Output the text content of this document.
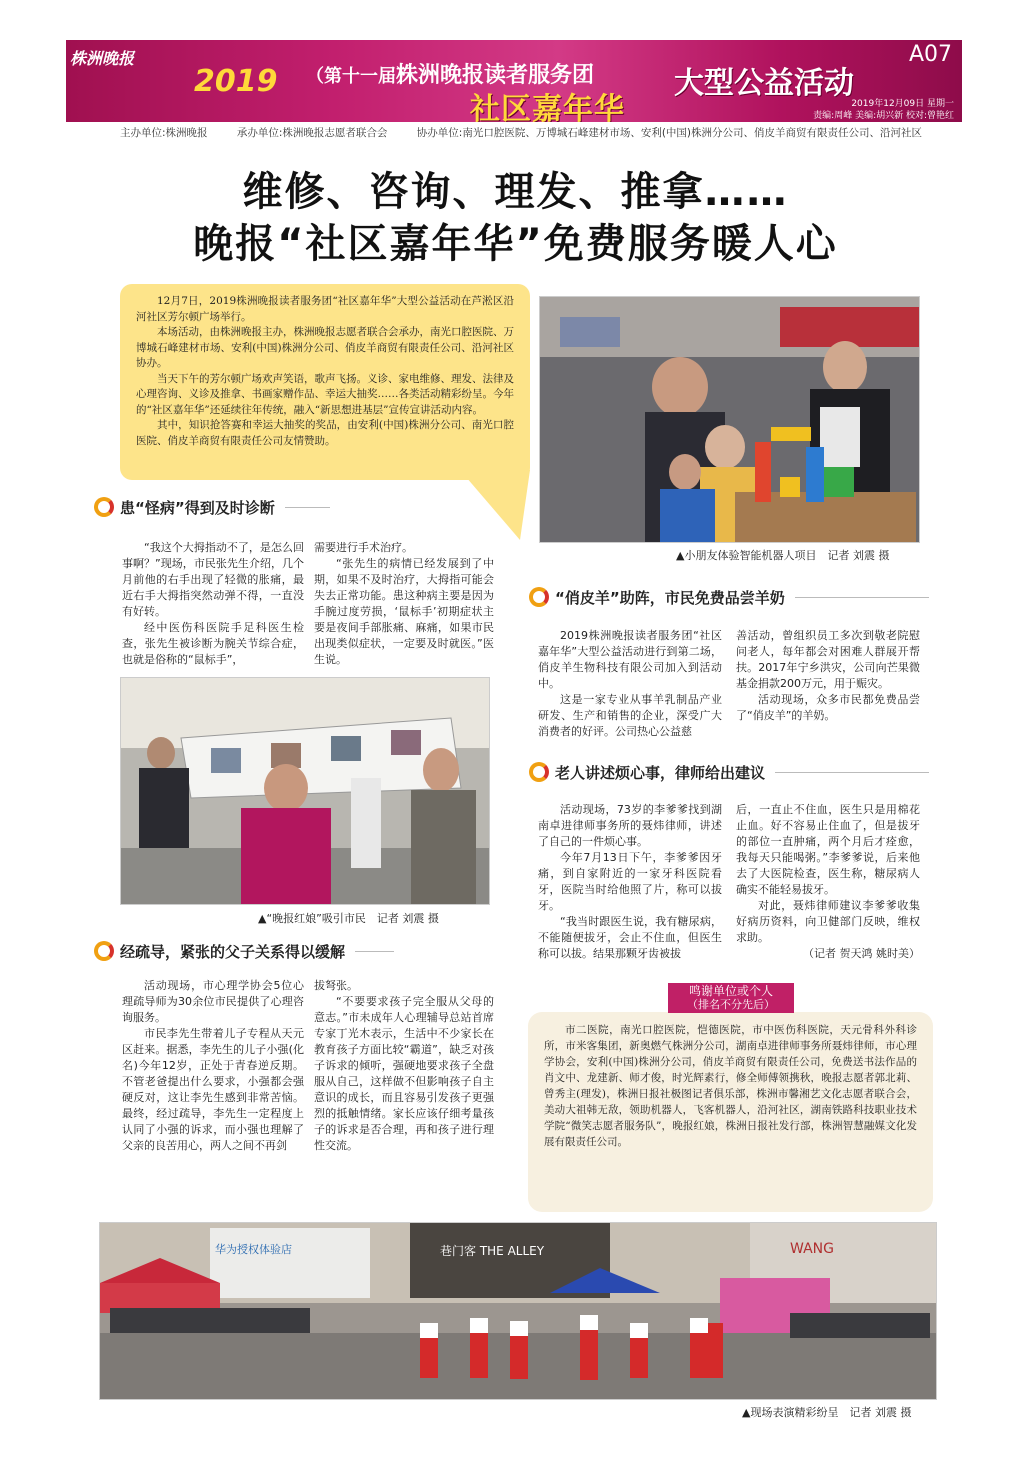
株洲晚报
2019 （第十一届）
株洲晚报读者服务团
社区嘉年华
大型公益活动
A07
2019年12月09日 星期一
责编:周峰 美编:胡兴新 校对:曾艳红
主办单位:株洲晚报	承办单位:株洲晚报志愿者联合会	协办单位:南光口腔医院、万博城石峰建材市场、安利(中国)株洲分公司、俏皮羊商贸有限责任公司、沿河社区
维修、咨询、理发、推拿……
晚报“社区嘉年华”免费服务暖人心

12月7日，2019株洲晚报读者服务团“社区嘉年华”大型公益活动在芦淞区沿河社区芳尔顿广场举行。

本场活动，由株洲晚报主办，株洲晚报志愿者联合会承办，南光口腔医院、万博城石峰建材市场、安利(中国)株洲分公司、俏皮羊商贸有限责任公司、沿河社区协办。

当天下午的芳尔顿广场欢声笑语，歌声飞扬。义诊、家电维修、理发、法律及心理咨询、义诊及推拿、书画家赠作品、幸运大抽奖……各类活动精彩纷呈。今年的“社区嘉年华”还延续往年传统，融入“新思想进基层”宣传宣讲活动内容。

其中，知识抢答赛和幸运大抽奖的奖品，由安利(中国)株洲分公司、南光口腔医院、俏皮羊商贸有限责任公司友情赞助。

▲小朋友体验智能机器人项目　记者 刘震 摄
患“怪病”得到及时诊断

“我这个大拇指动不了，是怎么回事啊？”现场，市民张先生介绍，几个月前他的右手出现了轻微的胀痛，最近右手大拇指突然动弹不得，一直没有好转。

经中医伤科医院手足科医生检查，张先生被诊断为腕关节综合症，也就是俗称的“鼠标手”，

需要进行手术治疗。

“张先生的病情已经发展到了中期，如果不及时治疗，大拇指可能会失去正常功能。患这种病主要是因为手腕过度劳损，‘鼠标手’初期症状主要是夜间手部胀痛、麻痛，如果市民出现类似症状，一定要及时就医。”医生说。

▲“晚报红娘”吸引市民　记者 刘震 摄
“俏皮羊”助阵，市民免费品尝羊奶

2019株洲晚报读者服务团“社区嘉年华”大型公益活动进行到第二场，俏皮羊生物科技有限公司加入到活动中。

这是一家专业从事羊乳制品产业研发、生产和销售的企业，深受广大消费者的好评。公司热心公益慈

善活动，曾组织员工多次到敬老院慰问老人，每年都会对困难人群展开帮扶。2017年宁乡洪灾，公司向芒果微基金捐款200万元，用于赈灾。

活动现场，众多市民都免费品尝了“俏皮羊”的羊奶。

老人讲述烦心事，律师给出建议

活动现场，73岁的李爹爹找到湖南卓进律师事务所的聂炜律师，讲述了自己的一件烦心事。

今年7月13日下午，李爹爹因牙痛，到自家附近的一家牙科医院看牙，医院当时给他照了片，称可以拔牙。

“我当时跟医生说，我有糖尿病，不能随便拔牙，会止不住血，但医生称可以拔。结果那颗牙齿被拔

后，一直止不住血，医生只是用棉花止血。好不容易止住血了，但是拔牙的部位一直肿痛，两个月后才痊愈，我每天只能喝粥。”李爹爹说，后来他去了大医院检查，医生称，糖尿病人确实不能轻易拔牙。

对此，聂炜律师建议李爹爹收集好病历资料，向卫健部门反映，维权求助。

（记者 贺天鸿 姚时美）
经疏导，紧张的父子关系得以缓解

活动现场，市心理学协会5位心理疏导师为30余位市民提供了心理咨询服务。

市民李先生带着儿子专程从天元区赶来。据悉，李先生的儿子小强(化名)今年12岁，正处于青春逆反期。不管老爸提出什么要求，小强都会强硬反对，这让李先生感到非常苦恼。最终，经过疏导，李先生一定程度上认同了小强的诉求，而小强也理解了父亲的良苦用心，两人之间不再剑

拔弩张。

“不要要求孩子完全服从父母的意志。”市未成年人心理辅导总站首席专家丁光木表示，生活中不少家长在教育孩子方面比较“霸道”，缺乏对孩子诉求的倾听，强硬地要求孩子全盘服从自己，这样做不但影响孩子自主意识的成长，而且容易引发孩子更强烈的抵触情绪。家长应该仔细考量孩子的诉求是否合理，再和孩子进行理性交流。

市二医院，南光口腔医院，恺德医院，市中医伤科医院，天元骨科外科诊所，市米客集团，新奥燃气株洲分公司，湖南卓进律师事务所聂炜律师，市心理学协会，安利(中国)株洲分公司，俏皮羊商贸有限责任公司，免费送书法作品的肖文中、龙建新、师才俊，时光辉素行，修全师傅领携秋，晚报志愿者郭北莉、曾秀主(理发)，株洲日报社极图记者俱乐部，株洲市馨湘艺文化志愿者联合会，美动大祖韩无敌，领助机器人，飞客机器人，沿河社区，湖南铁路科技职业技术学院“微笑志愿者服务队”，晚报红娘，株洲日报社发行部，株洲智慧融媒文化发展有限责任公司。
鸣谢单位或个人
（排名不分先后）
华为授权体验店	巷门客 THE ALLEY	WANG
▲现场表演精彩纷呈　记者 刘震 摄
